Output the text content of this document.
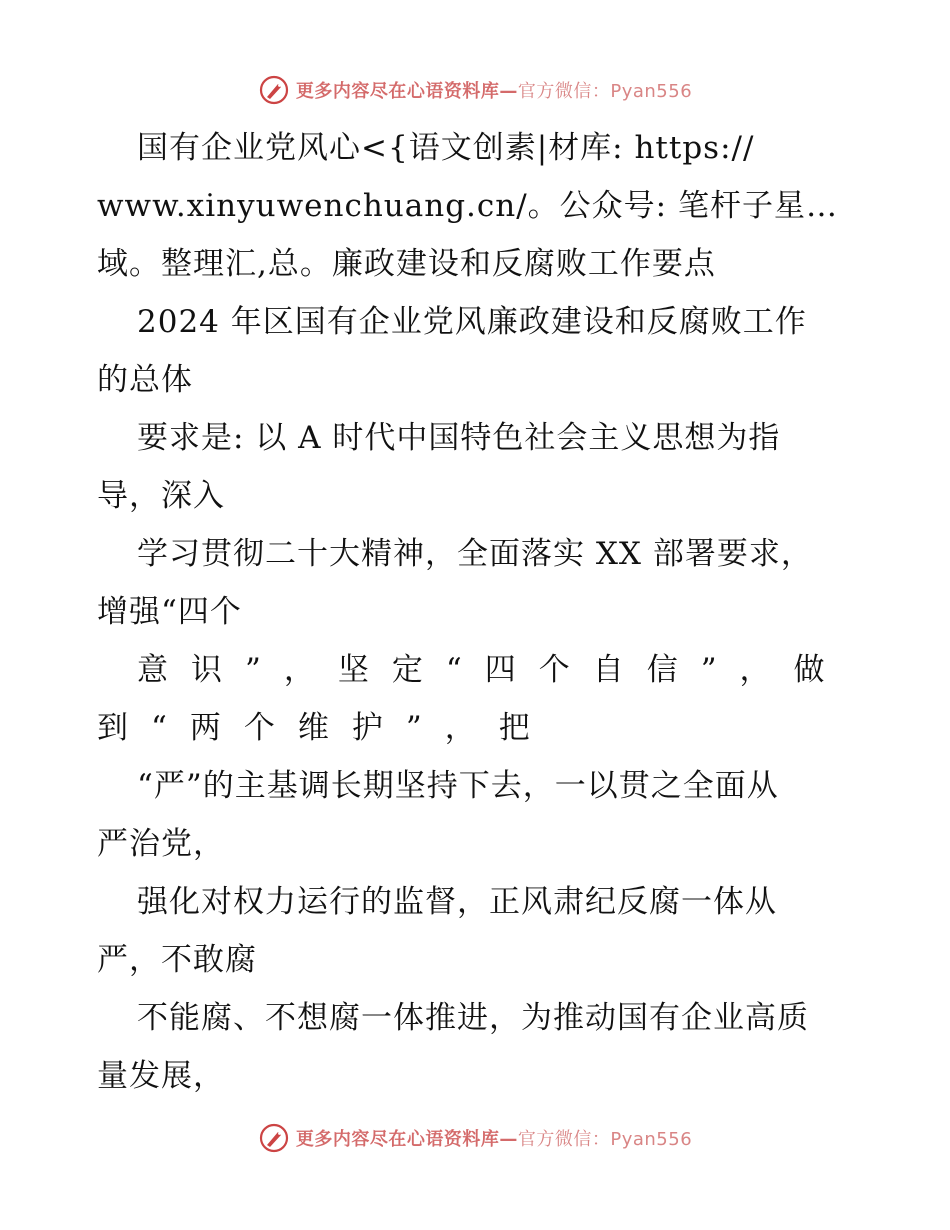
更多内容尽在心语资料库—官方微信：Pyan556
国有企业党风心<{语文创素|材库: https://
www.xinyuwenchuang.cn/。公众号: 笔杆子星…
域。整理汇,总。廉政建设和反腐败工作要点
2024 年区国有企业党风廉政建设和反腐败工作
的总体
要求是: 以 A 时代中国特色社会主义思想为指
导，深入
学习贯彻二十大精神，全面落实 XX 部署要求，
增强“四个
意识”，坚定“四个自信”，做
到“两个维护”，把
“严”的主基调长期坚持下去，一以贯之全面从
严治党，
强化对权力运行的监督，正风肃纪反腐一体从
严，不敢腐
不能腐、不想腐一体推进，为推动国有企业高质
量发展，
更多内容尽在心语资料库—官方微信：Pyan556
